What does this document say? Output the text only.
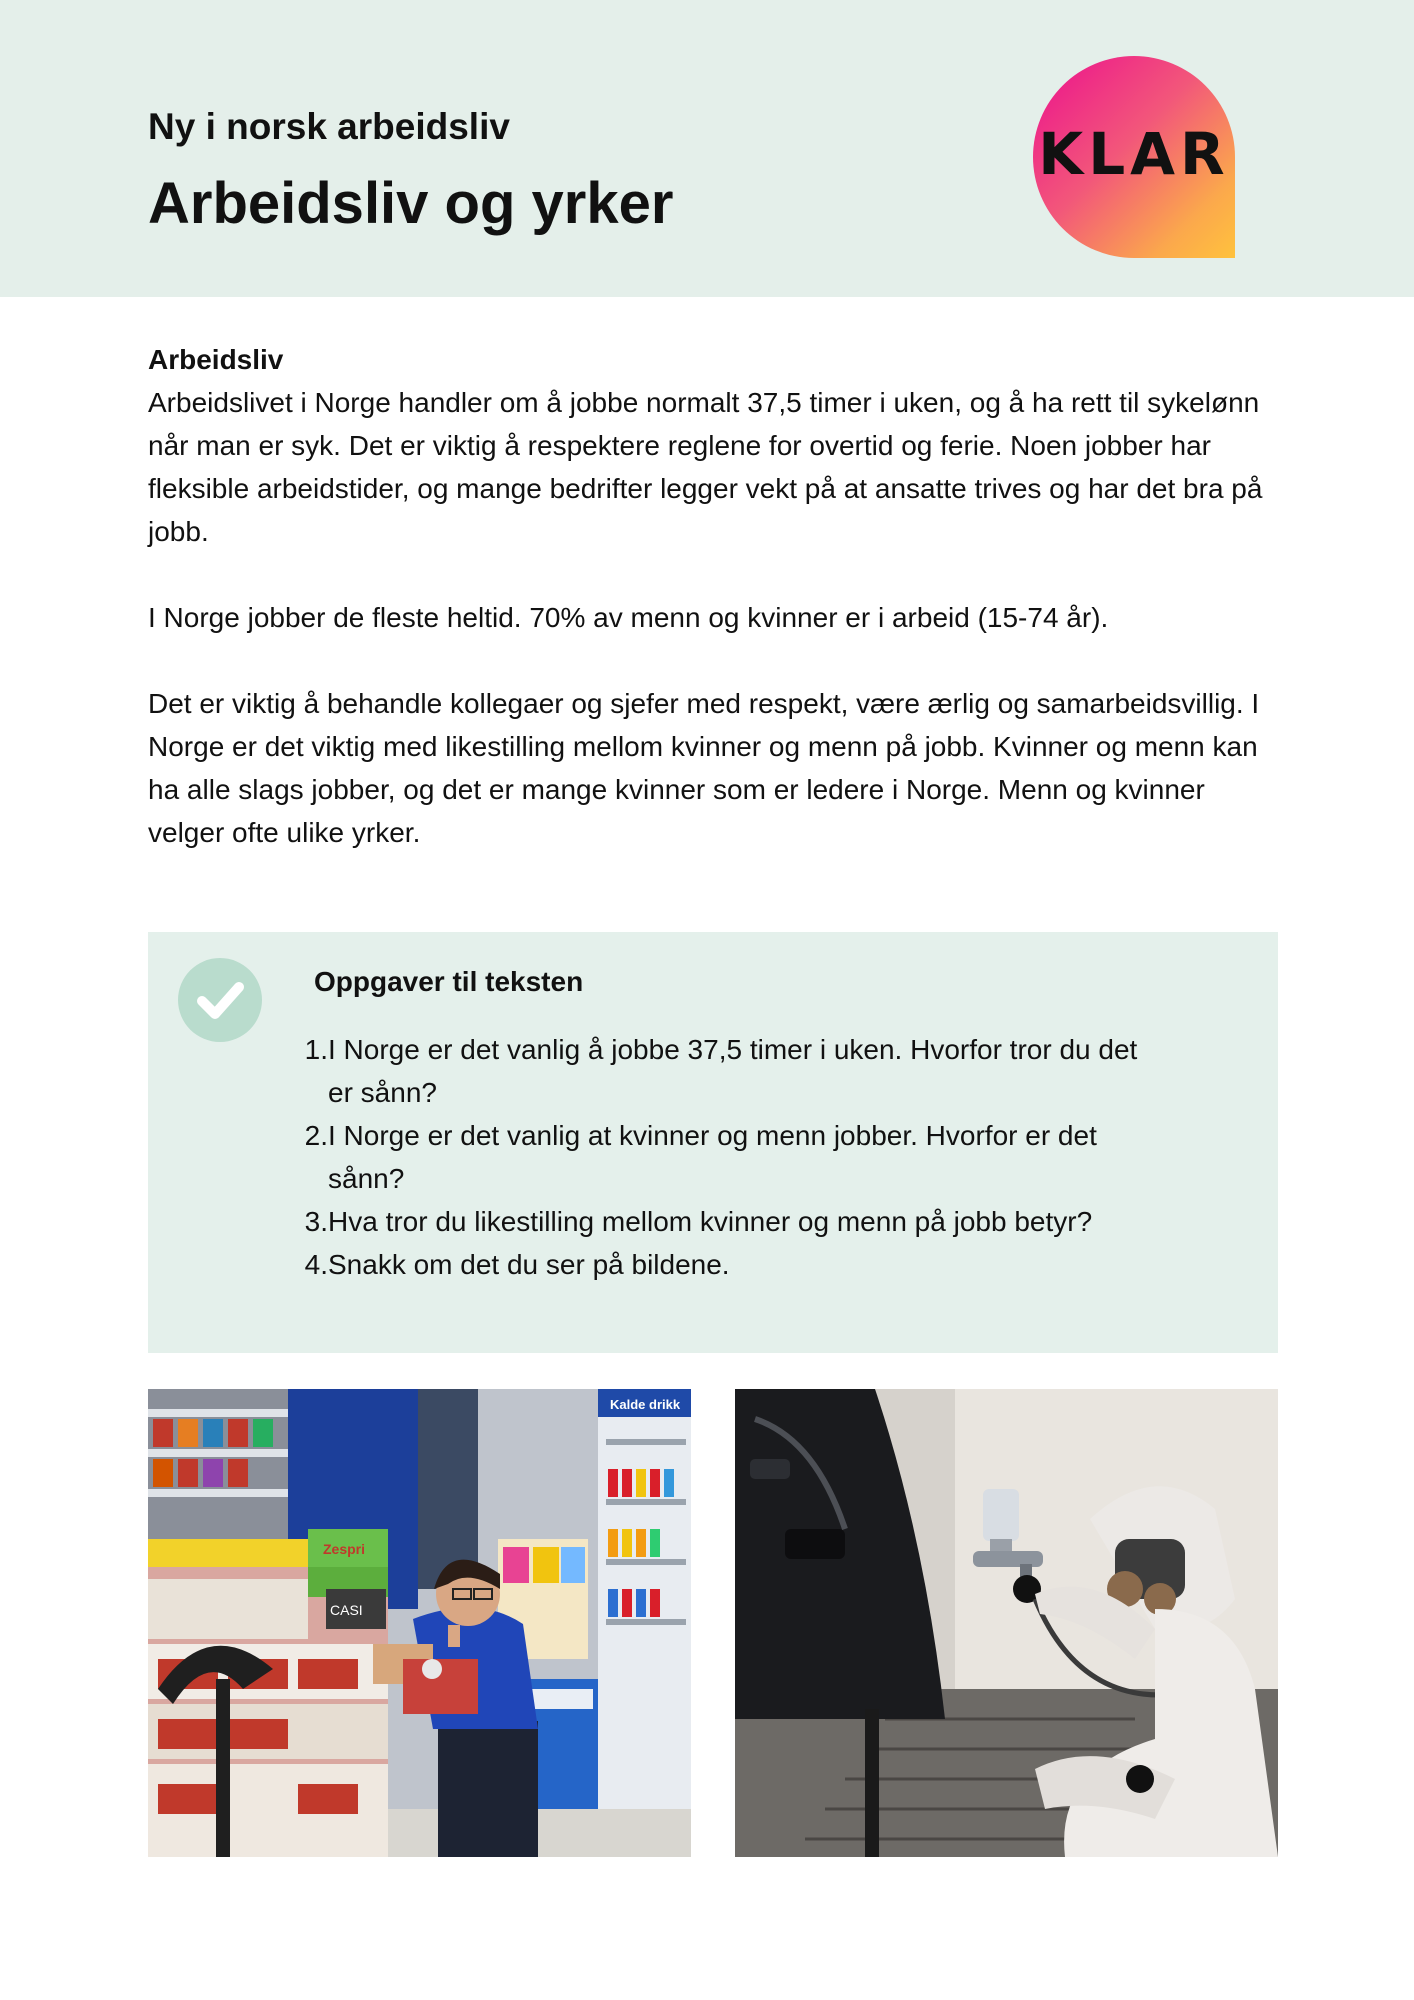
Ny i norsk arbeidsliv
Arbeidsliv og yrker
KLAR
Arbeidsliv

Arbeidslivet i Norge handler om å jobbe normalt 37,5 timer i uken, og å ha rett til sykelønn når man er syk. Det er viktig å respektere reglene for overtid og ferie. Noen jobber har fleksible arbeidstider, og mange bedrifter legger vekt på at ansatte trives og har det bra på jobb.

I Norge jobber de fleste heltid. 70% av menn og kvinner er i arbeid (15-74 år).

Det er viktig å behandle kollegaer og sjefer med respekt, være ærlig og samarbeidsvillig. I Norge er det viktig med likestilling mellom kvinner og menn på jobb. Kvinner og menn kan ha alle slags jobber, og det er mange kvinner som er ledere i Norge. Menn og kvinner velger ofte ulike yrker.

Oppgaver til teksten
1. I Norge er det vanlig å jobbe 37,5 timer i uken. Hvorfor tror du det er sånn?
2. I Norge er det vanlig at kvinner og menn jobber. Hvorfor er det sånn?
3. Hva tror du likestilling mellom kvinner og menn på jobb betyr?
4. Snakk om det du ser på bildene.
Kalde drikk
Zespri
CASI
